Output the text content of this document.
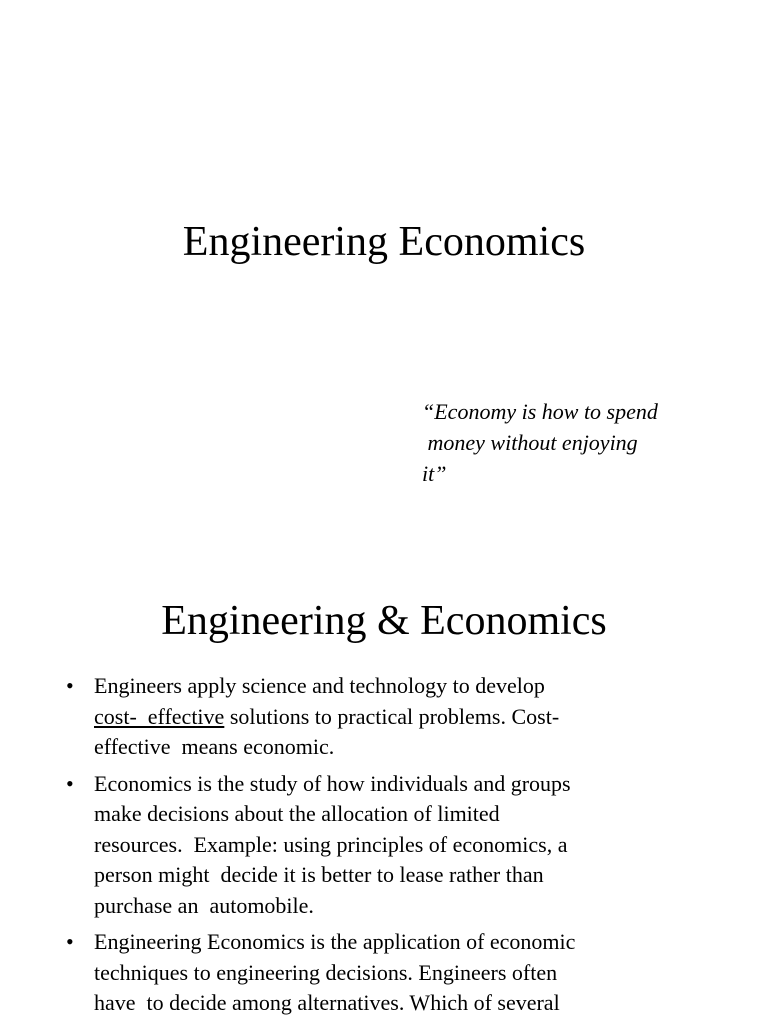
Engineering Economics

“Economy is how to spend
money without enjoying
it”

Engineering & Economics
• Engineers apply science and technology to develop
cost-  effective solutions to practical problems. Cost-
effective  means economic.
• Economics is the study of how individuals and groups
make decisions about the allocation of limited
resources.  Example: using principles of economics, a
person might  decide it is better to lease rather than
purchase an  automobile.
• Engineering Economics is the application of economic
techniques to engineering decisions. Engineers often
have  to decide among alternatives. Which of several
